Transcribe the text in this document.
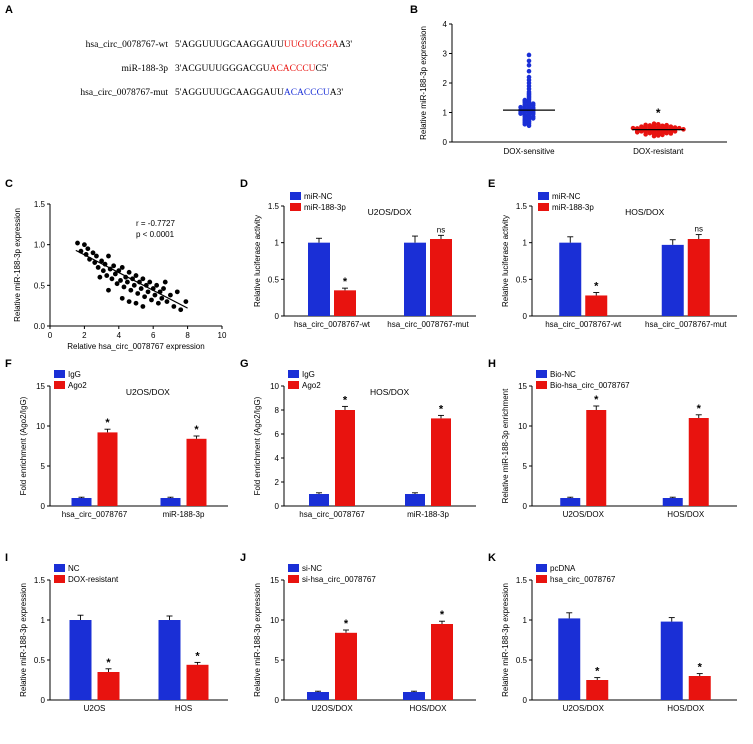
A	B
C	D	E
F	G	H
I	J	K
hsa_circ_0078767-wt 5'AGGUUUGCAAGGAUUUUGUGGGAA3'
miR-188-3p 3'ACGUUUGGGACGUACACCCUC5'
hsa_circ_0078767-mut 5'AGGUUUGCAAGGAUUACACCCUA3'
0
1
2
3
4
Relative miR-188-3p expression
DOX-sensitive	DOX-resistant
*
0.0
0.5
1.0
1.5
0	2	4	6	8	10
Relative miR-188-3p expression
Relative hsa_circ_0078767 expression
r = -0.7727
p < 0.0001
0
0.5
1
1.5
Relative luciferase activity
U2OS/DOX
*
hsa_circ_0078767-wt
ns
hsa_circ_0078767-mut
miR-NC
miR-188-3p
0
0.5
1
1.5
Relative luciferase activity
HOS/DOX
*
hsa_circ_0078767-wt
ns
hsa_circ_0078767-mut
miR-NC
miR-188-3p
0
5
10
15
Fold enrichment (Ago2/IgG)
U2OS/DOX
*
hsa_circ_0078767
*
miR-188-3p
IgG
Ago2
0
2
4
6
8
10
Fold enrichment (Ago2/IgG)
HOS/DOX
*
hsa_circ_0078767
*
miR-188-3p
IgG
Ago2
0
5
10
15
Relative miR-188-3p enrichment	*
U2OS/DOX
*
HOS/DOX
Bio-NC
Bio-hsa_circ_0078767
0
0.5
1
1.5
Relative miR-188-3p expression	*
U2OS
*
HOS
NC
DOX-resistant
0
5
10
15
Relative miR-188-3p expression	*
U2OS/DOX
*
HOS/DOX
si-NC
si-hsa_circ_0078767
0
0.5
1
1.5
Relative miR-188-3p expression	*
U2OS/DOX
*
HOS/DOX
pcDNA
hsa_circ_0078767
